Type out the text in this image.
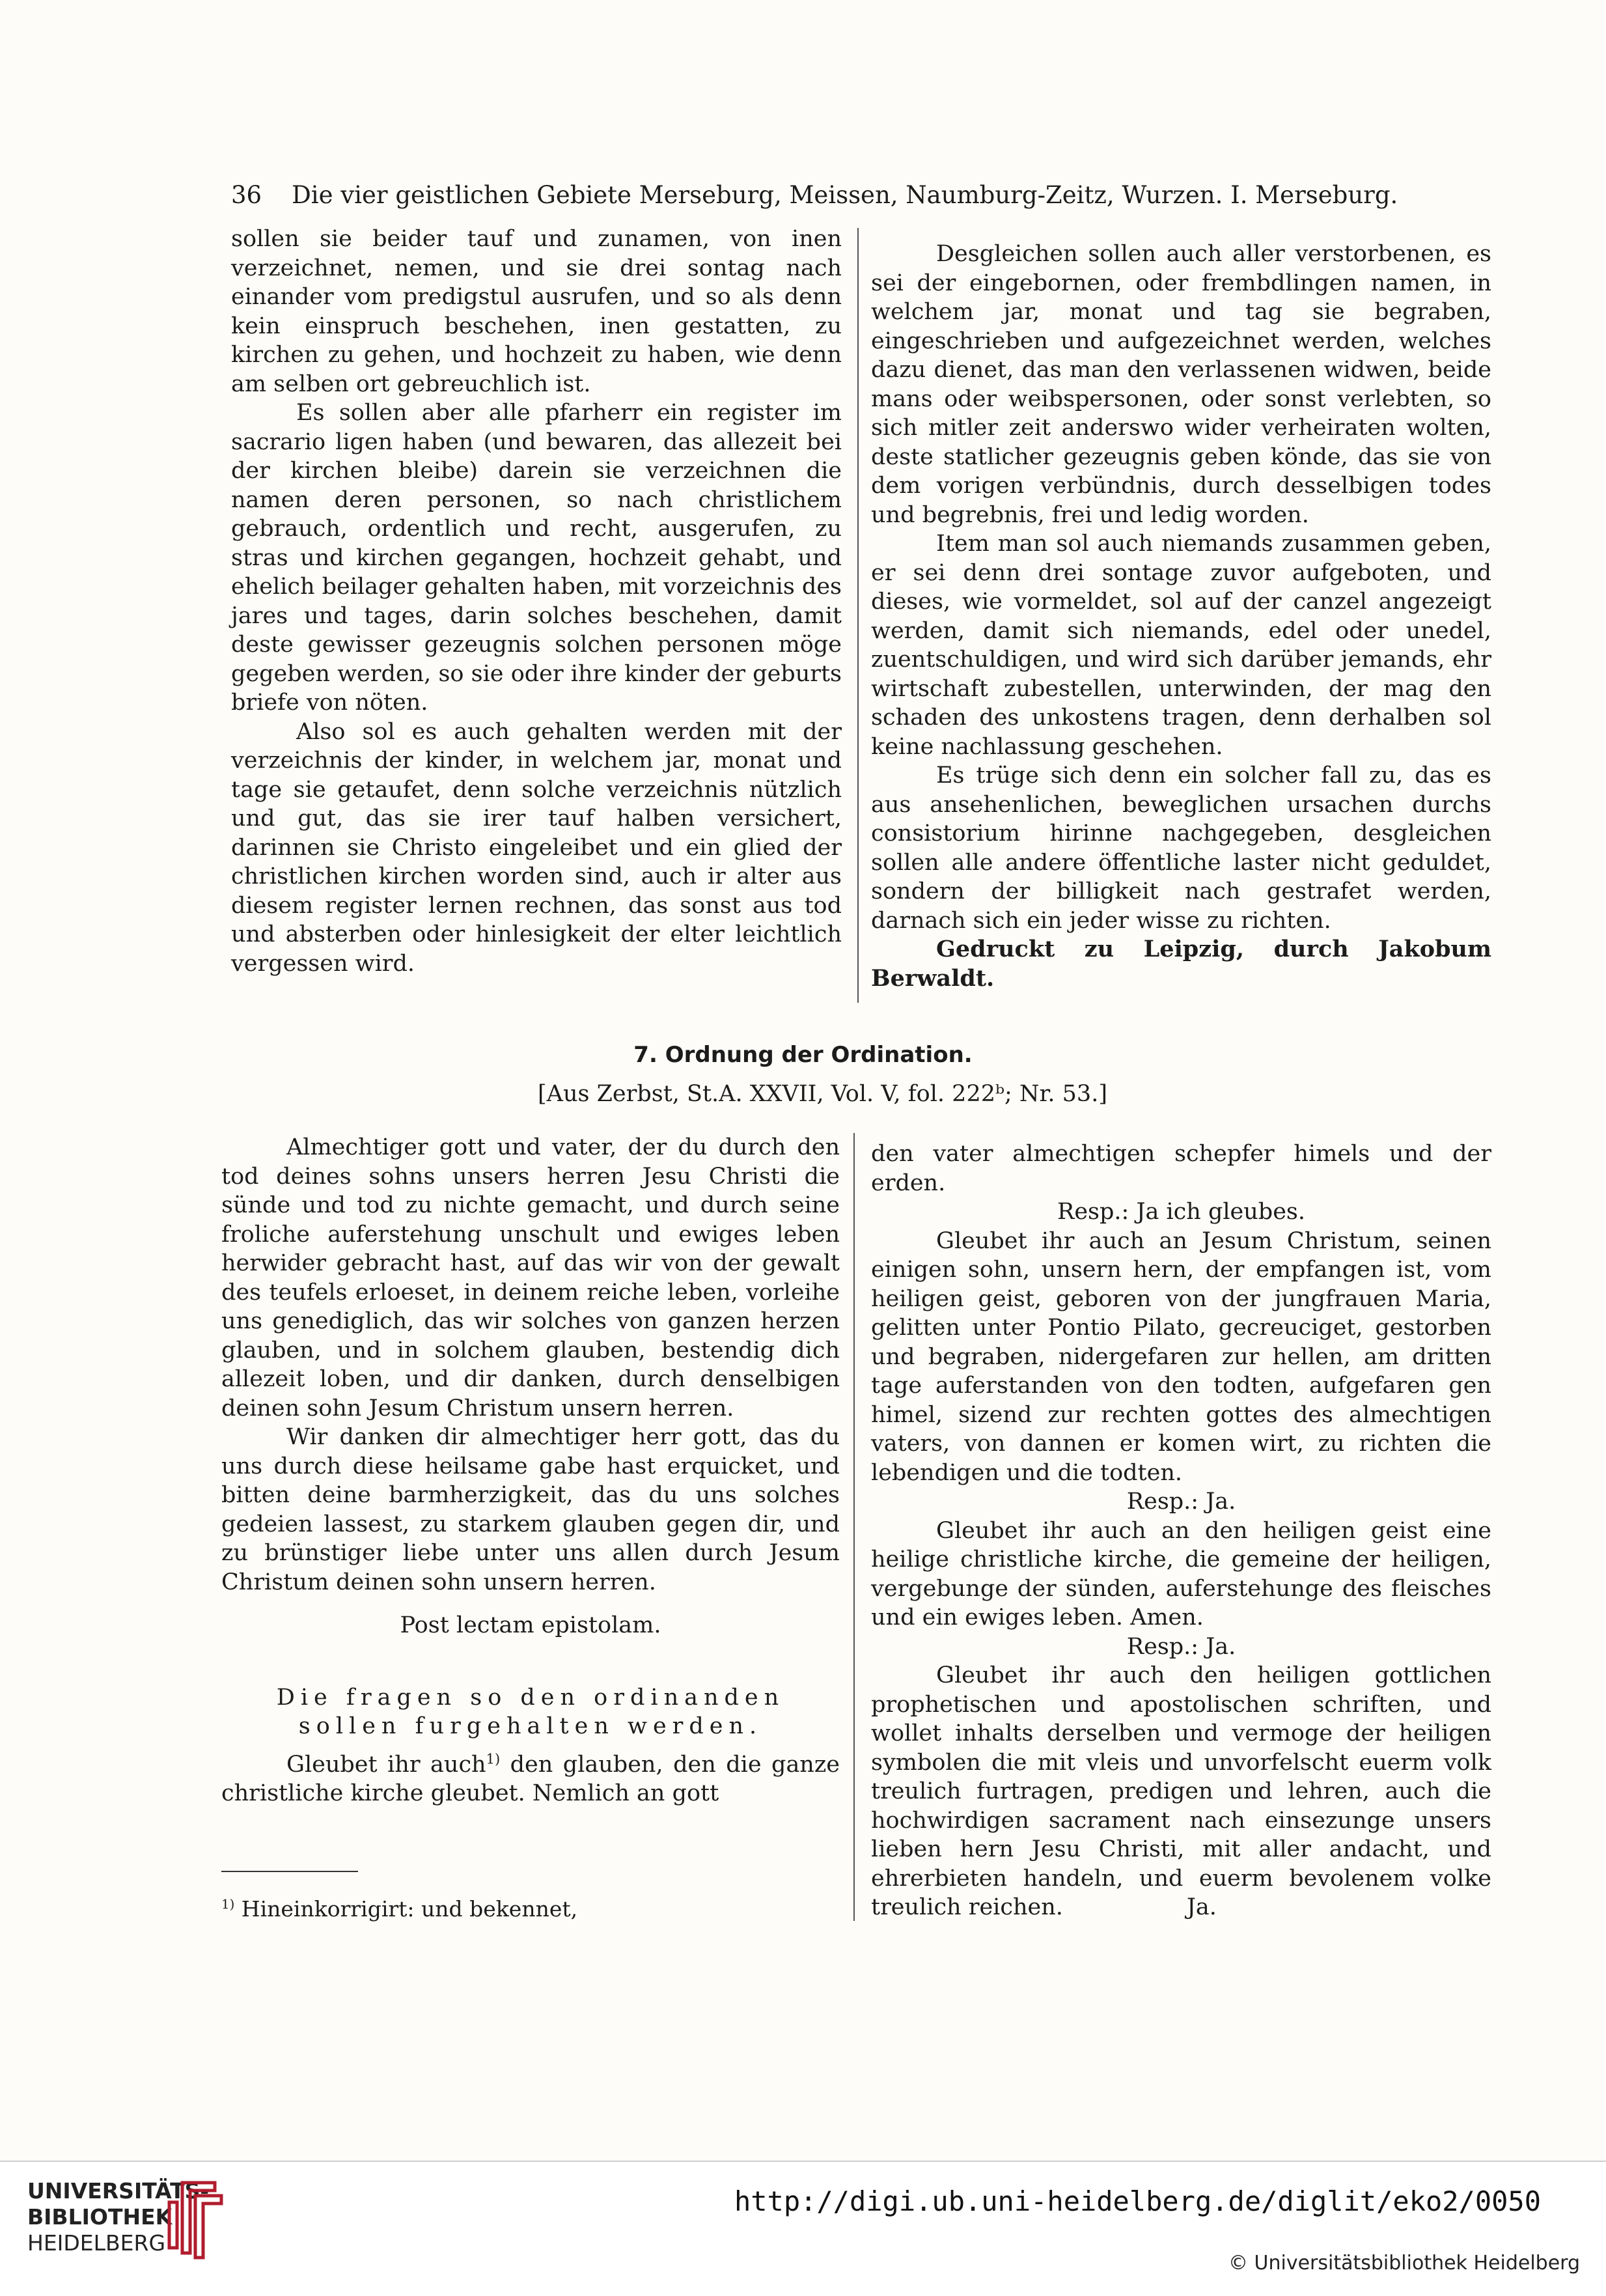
36 Die vier geistlichen Gebiete Merseburg, Meissen, Naumburg-Zeitz, Wurzen. I. Merseburg.

sollen sie beider tauf und zunamen, von inen verzeichnet, nemen, und sie drei sontag nach einander vom predigstul ausrufen, und so als denn kein einspruch beschehen, inen gestatten, zu kirchen zu gehen, und hochzeit zu haben, wie denn am selben ort gebreuchlich ist.

Es sollen aber alle pfarherr ein register im sacrario ligen haben (und bewaren, das allezeit bei der kirchen bleibe) darein sie verzeichnen die namen deren personen, so nach christlichem gebrauch, ordentlich und recht, ausgerufen, zu stras und kirchen gegangen, hochzeit gehabt, und ehelich beilager gehalten haben, mit vorzeichnis des jares und tages, darin solches beschehen, damit deste gewisser gezeugnis solchen personen möge gegeben werden, so sie oder ihre kinder der geburts briefe von nöten.

Also sol es auch gehalten werden mit der verzeichnis der kinder, in welchem jar, monat und tage sie getaufet, denn solche verzeichnis nützlich und gut, das sie irer tauf halben versichert, darinnen sie Christo eingeleibet und ein glied der christlichen kirchen worden sind, auch ir alter aus diesem register lernen rechnen, das sonst aus tod und absterben oder hinlesigkeit der elter leichtlich vergessen wird.

Desgleichen sollen auch aller verstorbenen, es sei der eingebornen, oder frembdlingen namen, in welchem jar, monat und tag sie begraben, eingeschrieben und aufgezeichnet werden, welches dazu dienet, das man den verlassenen widwen, beide mans oder weibspersonen, oder sonst verlebten, so sich mitler zeit anderswo wider verheiraten wolten, deste statlicher gezeugnis geben könde, das sie von dem vorigen verbündnis, durch desselbigen todes und begrebnis, frei und ledig worden.

Item man sol auch niemands zusammen geben, er sei denn drei sontage zuvor aufgeboten, und dieses, wie vormeldet, sol auf der canzel angezeigt werden, damit sich niemands, edel oder unedel, zuentschuldigen, und wird sich darüber jemands, ehr wirtschaft zubestellen, unterwinden, der mag den schaden des unkostens tragen, denn derhalben sol keine nachlassung geschehen.

Es trüge sich denn ein solcher fall zu, das es aus ansehenlichen, beweglichen ursachen durchs consistorium hirinne nachgegeben, desgleichen sollen alle andere öffentliche laster nicht geduldet, sondern der billigkeit nach gestrafet werden, darnach sich ein jeder wisse zu richten.

Gedruckt zu Leipzig, durch Jakobum Berwaldt.

7. Ordnung der Ordination.
[Aus Zerbst, St.A. XXVII, Vol. V, fol. 222ᵇ; Nr. 53.]

Almechtiger gott und vater, der du durch den tod deines sohns unsers herren Jesu Christi die sünde und tod zu nichte gemacht, und durch seine froliche auferstehung unschult und ewiges leben herwider gebracht hast, auf das wir von der gewalt des teufels erloeset, in deinem reiche leben, vorleihe uns genediglich, das wir solches von ganzen herzen glauben, und in solchem glauben, bestendig dich allezeit loben, und dir danken, durch denselbigen deinen sohn Jesum Christum unsern herren.

Wir danken dir almechtiger herr gott, das du uns durch diese heilsame gabe hast erquicket, und bitten deine barmherzigkeit, das du uns solches gedeien lassest, zu starkem glauben gegen dir, und zu brünstiger liebe unter uns allen durch Jesum Christum deinen sohn unsern herren.

Post lectam epistolam.

Die fragen so den ordinanden sollen furgehalten werden.

Gleubet ihr auch$^{1)}$ den glauben, den die ganze christliche kirche gleubet. Nemlich an gott

$^{1)}$ Hineinkorrigirt: und bekennet,

den vater almechtigen schepfer himels und der erden.

Resp.: Ja ich gleubes.

Gleubet ihr auch an Jesum Christum, seinen einigen sohn, unsern hern, der empfangen ist, vom heiligen geist, geboren von der jungfrauen Maria, gelitten unter Pontio Pilato, gecreuciget, gestorben und begraben, nidergefaren zur hellen, am dritten tage auferstanden von den todten, aufgefaren gen himel, sizend zur rechten gottes des almechtigen vaters, von dannen er komen wirt, zu richten die lebendigen und die todten.

Resp.: Ja.

Gleubet ihr auch an den heiligen geist eine heilige christliche kirche, die gemeine der heiligen, vergebunge der sünden, auferstehunge des fleisches und ein ewiges leben. Amen.

Resp.: Ja.

Gleubet ihr auch den heiligen gottlichen prophetischen und apostolischen schriften, und wollet inhalts derselben und vermoge der heiligen symbolen die mit vleis und unvorfelscht euerm volk treulich furtragen, predigen und lehren, auch die hochwirdigen sacrament nach einsezunge unsers lieben hern Jesu Christi, mit aller andacht, und ehrerbieten handeln, und euerm bevolenem volke treulich reichen.	Ja.

UNIVERSITÄTS-
BIBLIOTHEK
HEIDELBERG
http://digi.ub.uni-heidelberg.de/diglit/eko2/0050
© Universitätsbibliothek Heidelberg
